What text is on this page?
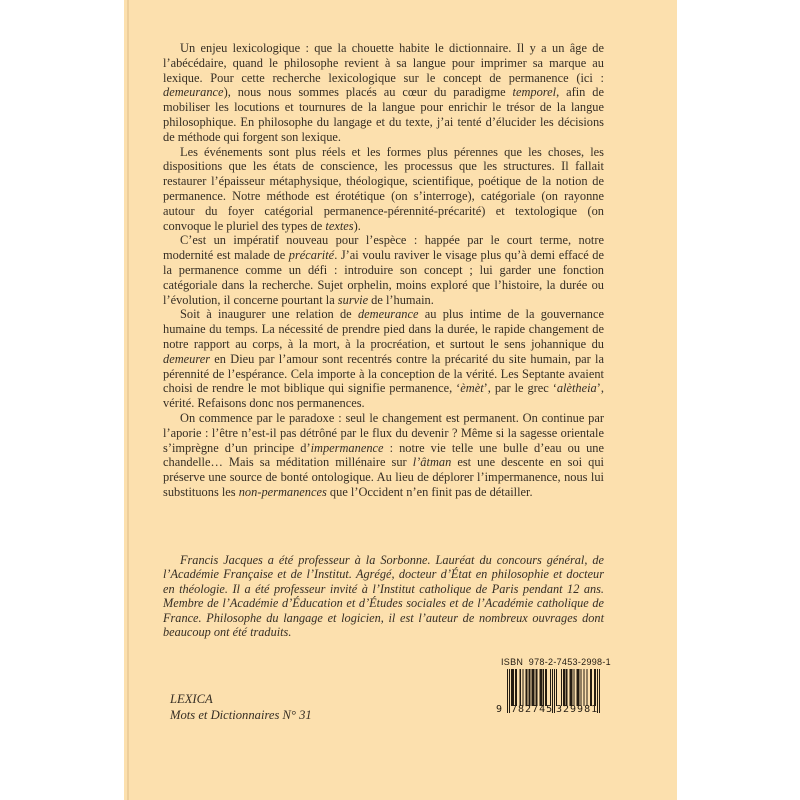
Un enjeu lexicologique : que la chouette habite le dictionnaire. Il y a un âge de l’abécédaire, quand le philosophe revient à sa langue pour imprimer sa marque au lexique. Pour cette recherche lexicologique sur le concept de permanence (ici : demeurance), nous nous sommes placés au cœur du paradigme temporel, afin de mobiliser les locutions et tournures de la langue pour enrichir le trésor de la langue philosophique. En philosophe du langage et du texte, j’ai tenté d’élucider les décisions de méthode qui forgent son lexique.

Les événements sont plus réels et les formes plus pérennes que les choses, les dispositions que les états de conscience, les processus que les structures. Il fallait restaurer l’épaisseur métaphysique, théologique, scientifique, poétique de la notion de permanence. Notre méthode est érotétique (on s’interroge), catégoriale (on rayonne autour du foyer catégorial permanence-pérennité-précarité) et textologique (on convoque le pluriel des types de textes).

C’est un impératif nouveau pour l’espèce : happée par le court terme, notre modernité est malade de précarité. J’ai voulu raviver le visage plus qu’à demi effacé de la permanence comme un défi : introduire son concept ; lui garder une fonction catégoriale dans la recherche. Sujet orphelin, moins exploré que l’histoire, la durée ou l’évolution, il concerne pourtant la survie de l’humain.

Soit à inaugurer une relation de demeurance au plus intime de la gouvernance humaine du temps. La nécessité de prendre pied dans la durée, le rapide changement de notre rapport au corps, à la mort, à la procréation, et surtout le sens johannique du demeurer en Dieu par l’amour sont recentrés contre la précarité du site humain, par la pérennité de l’espérance. Cela importe à la conception de la vérité. Les Septante avaient choisi de rendre le mot biblique qui signifie permanence, ‘èmèt’, par le grec ‘alètheia’, vérité. Refaisons donc nos permanences.

On commence par le paradoxe : seul le changement est permanent. On continue par l’aporie : l’être n’est-il pas détrôné par le flux du devenir ? Même si la sagesse orientale s’imprègne d’un principe d’impermanence : notre vie telle une bulle d’eau ou une chandelle… Mais sa méditation millénaire sur l’âtman est une descente en soi qui préserve une source de bonté ontologique. Au lieu de déplorer l’impermanence, nous lui substituons les non-permanences que l’Occident n’en finit pas de détailler.

Francis Jacques a été professeur à la Sorbonne. Lauréat du concours général, de l’Académie Française et de l’Institut. Agrégé, docteur d’État en philosophie et docteur en théologie. Il a été professeur invité à l’Institut catholique de Paris pendant 12 ans. Membre de l’Académie d’Éducation et d’Études sociales et de l’Académie catholique de France. Philosophe du langage et logicien, il est l’auteur de nombreux ouvrages dont beaucoup ont été traduits.
LEXICA
Mots et Dictionnaires N° 31
ISBN  978-2-7453-2998-1
9 782745 329981
